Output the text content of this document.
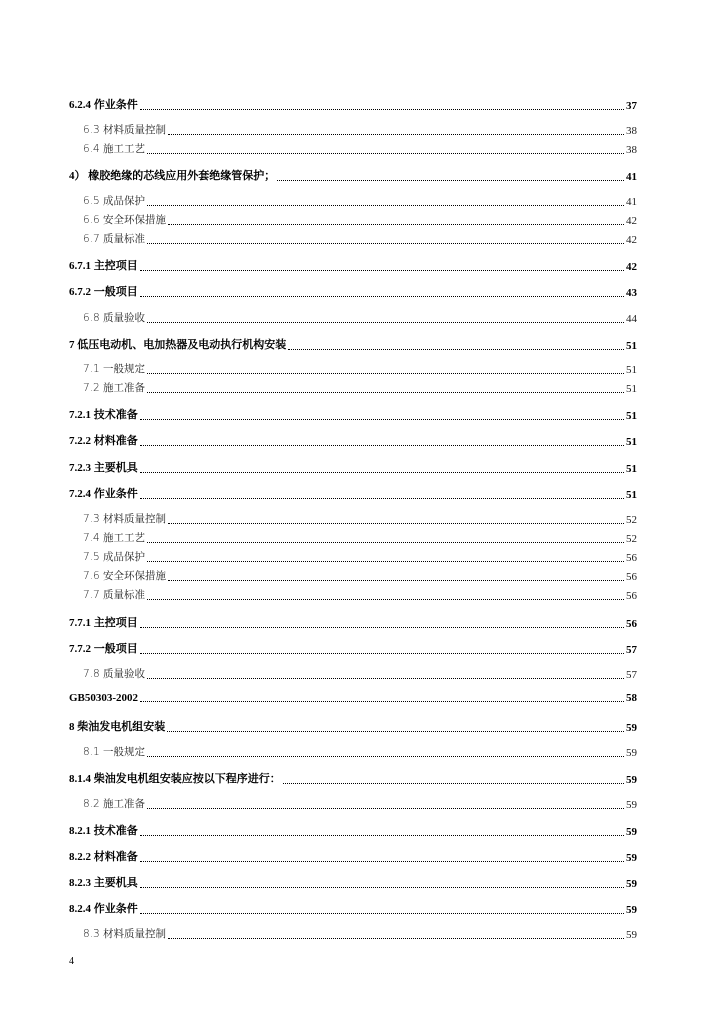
6.2.4 作业条件	37
6.3 材料质量控制	38
6.4 施工工艺	38
4） 橡胶绝缘的芯线应用外套绝缘管保护；	41
6.5 成品保护	41
6.6 安全环保措施	42
6.7 质量标准	42
6.7.1 主控项目	42
6.7.2 一般项目	43
6.8 质量验收	44
7 低压电动机、电加热器及电动执行机构安装	51
7.1 一般规定	51
7.2 施工准备	51
7.2.1 技术准备	51
7.2.2 材料准备	51
7.2.3 主要机具	51
7.2.4 作业条件	51
7.3 材料质量控制	52
7.4 施工工艺	52
7.5 成品保护	56
7.6 安全环保措施	56
7.7 质量标准	56
7.7.1 主控项目	56
7.7.2 一般项目	57
7.8 质量验收	57
GB50303-2002	58
8 柴油发电机组安装	59
8.1 一般规定	59
8.1.4 柴油发电机组安装应按以下程序进行：	59
8.2 施工准备	59
8.2.1 技术准备	59
8.2.2 材料准备	59
8.2.3 主要机具	59
8.2.4 作业条件	59
8.3 材料质量控制	59
4
